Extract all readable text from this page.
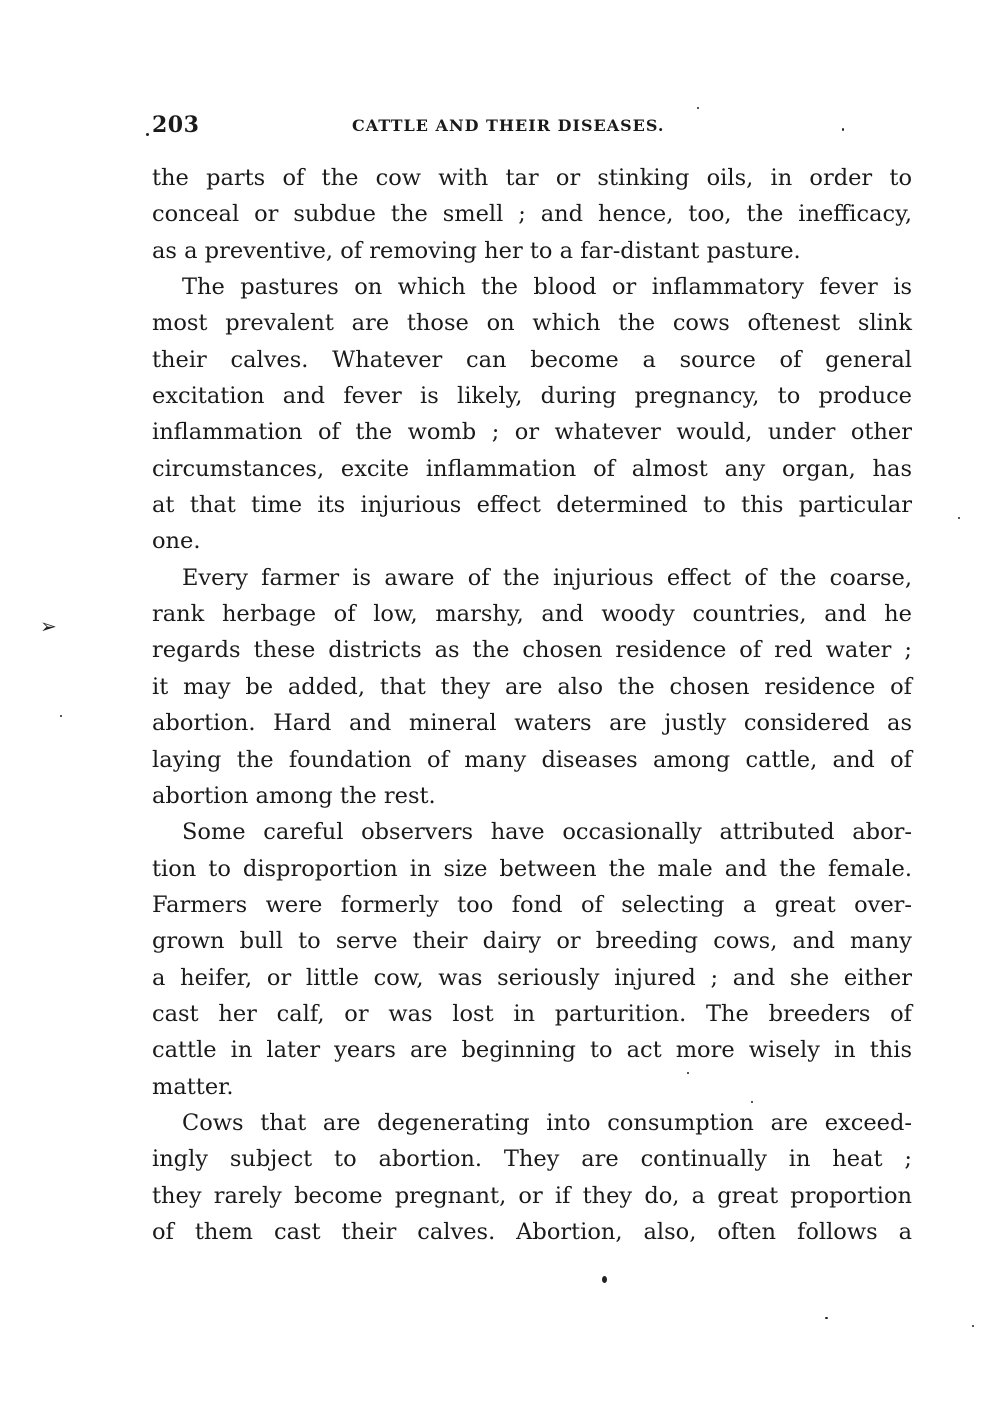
203	CATTLE AND THEIR DISEASES.
the parts of the cow with tar or stinking oils, in order to
conceal or subdue the smell ; and hence, too, the inefficacy,
as a preventive, of removing her to a far-distant pasture.
The pastures on which the blood or inflammatory fever is
most prevalent are those on which the cows oftenest slink
their calves. Whatever can become a source of general
excitation and fever is likely, during pregnancy, to produce
inflammation of the womb ; or whatever would, under other
circumstances, excite inflammation of almost any organ, has
at that time its injurious effect determined to this particular
one.
Every farmer is aware of the injurious effect of the coarse,
rank herbage of low, marshy, and woody countries, and he
regards these districts as the chosen residence of red water ;
it may be added, that they are also the chosen residence of
abortion. Hard and mineral waters are justly considered as
laying the foundation of many diseases among cattle, and of
abortion among the rest.
Some careful observers have occasionally attributed abor-
tion to disproportion in size between the male and the female.
Farmers were formerly too fond of selecting a great over-
grown bull to serve their dairy or breeding cows, and many
a heifer, or little cow, was seriously injured ; and she either
cast her calf, or was lost in parturition. The breeders of
cattle in later years are beginning to act more wisely in this
matter.
Cows that are degenerating into consumption are exceed-
ingly subject to abortion. They are continually in heat ;
they rarely become pregnant, or if they do, a great proportion
of them cast their calves. Abortion, also, often follows a
➢
